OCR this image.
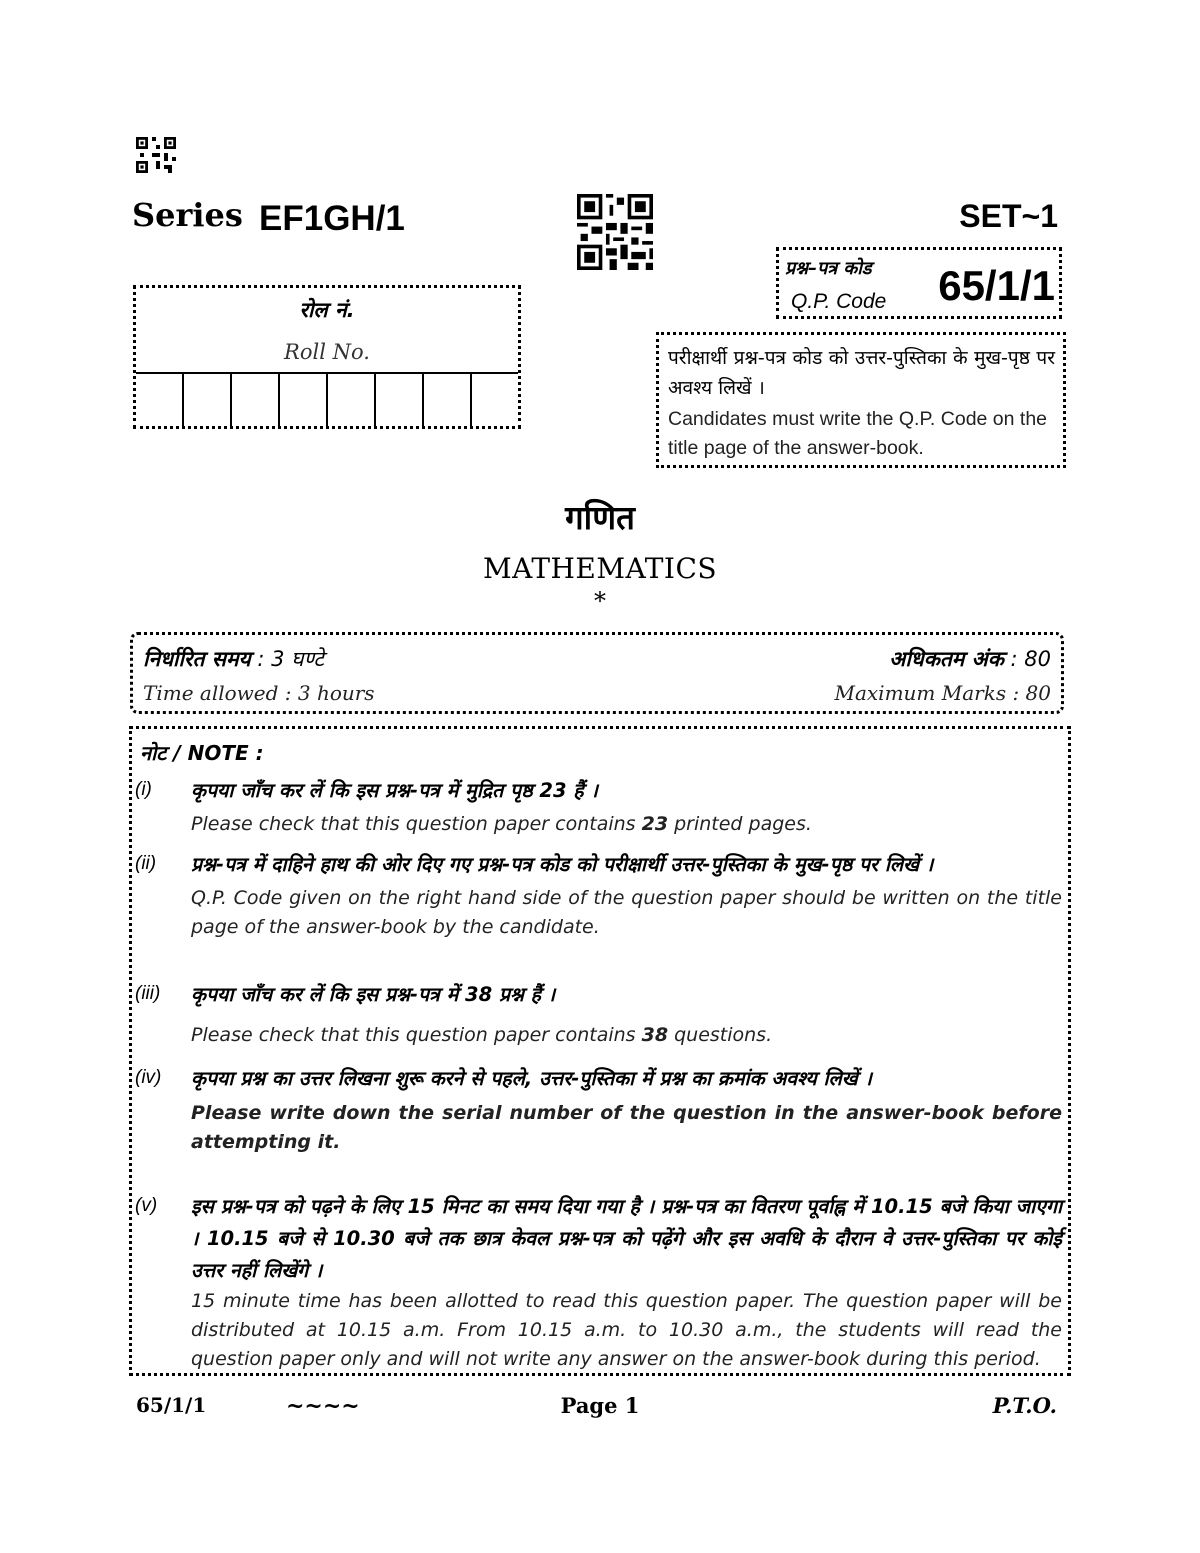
Series EF1GH/1	SET~1
रोल नं.
Roll No.
प्रश्न–पत्र कोड
Q.P. Code 65/1/1
परीक्षार्थी प्रश्न-पत्र कोड को उत्तर-पुस्तिका के मुख-पृष्ठ पर अवश्य लिखें ।
Candidates must write the Q.P. Code on the title page of the answer-book.
गणित
MATHEMATICS
*
निर्धारित समय : 3 घण्टे	अधिकतम अंक : 80
Time allowed : 3 hours	Maximum Marks : 80
नोट / NOTE :
(i) कृपया जाँच कर लें कि इस प्रश्न-पत्र में मुद्रित पृष्ठ 23 हैं ।
Please check that this question paper contains 23 printed pages.
(ii) प्रश्न-पत्र में दाहिने हाथ की ओर दिए गए प्रश्न-पत्र कोड को परीक्षार्थी उत्तर-पुस्तिका के मुख-पृष्ठ पर लिखें ।
Q.P. Code given on the right hand side of the question paper should be written on the title page of the answer-book by the candidate.
(iii) कृपया जाँच कर लें कि इस प्रश्न-पत्र में 38 प्रश्न हैं ।
Please check that this question paper contains 38 questions.
(iv) कृपया प्रश्न का उत्तर लिखना शुरू करने से पहले, उत्तर-पुस्तिका में प्रश्न का क्रमांक अवश्य लिखें ।
Please write down the serial number of the question in the answer-book before attempting it.
(v) इस प्रश्न-पत्र को पढ़ने के लिए 15 मिनट का समय दिया गया है । प्रश्न-पत्र का वितरण पूर्वाह्न में 10.15 बजे किया जाएगा । 10.15 बजे से 10.30 बजे तक छात्र केवल प्रश्न-पत्र को पढ़ेंगे और इस अवधि के दौरान वे उत्तर-पुस्तिका पर कोई उत्तर नहीं लिखेंगे ।
15 minute time has been allotted to read this question paper. The question paper will be distributed at 10.15 a.m. From 10.15 a.m. to 10.30 a.m., the students will read the question paper only and will not write any answer on the answer-book during this period.
65/1/1	~~~~	Page 1	P.T.O.
